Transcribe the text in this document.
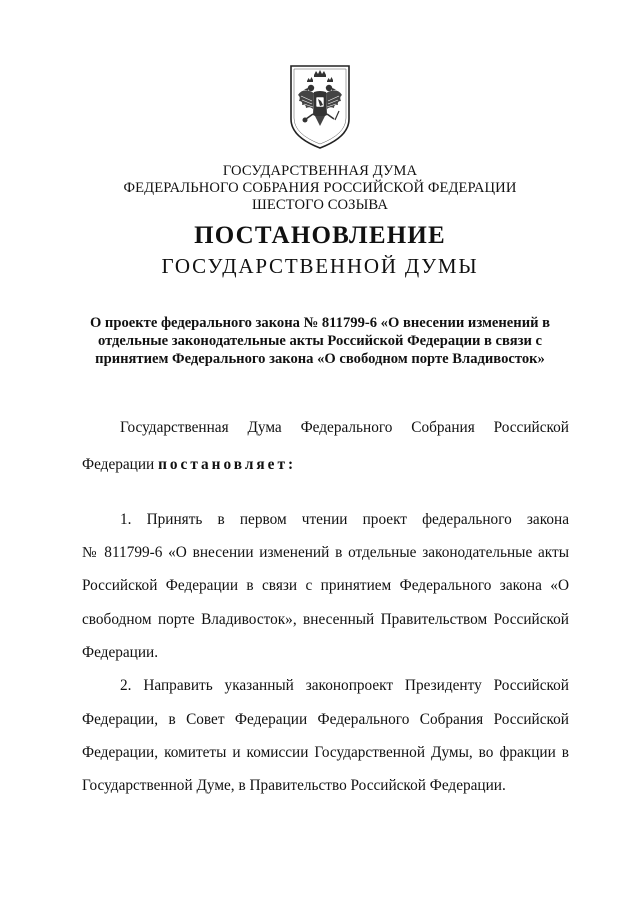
ГОСУДАРСТВЕННАЯ ДУМА
ФЕДЕРАЛЬНОГО СОБРАНИЯ РОССИЙСКОЙ ФЕДЕРАЦИИ
ШЕСТОГО СОЗЫВА
ПОСТАНОВЛЕНИЕ
ГОСУДАРСТВЕННОЙ ДУМЫ
О проекте федерального закона № 811799-6 «О внесении изменений в
отдельные законодательные акты Российской Федерации в связи с
принятием Федерального закона «О свободном порте Владивосток»
Государственная Дума Федерального Собрания Российской
Федерации постановляет:
1. Принять в первом чтении проект федерального закона
№ 811799-6 «О внесении изменений в отдельные законодательные акты
Российской Федерации в связи с принятием Федерального закона «О
свободном порте Владивосток», внесенный Правительством Российской
Федерации.
2. Направить указанный законопроект Президенту Российской
Федерации, в Совет Федерации Федерального Собрания Российской
Федерации, комитеты и комиссии Государственной Думы, во фракции в
Государственной Думе, в Правительство Российской Федерации.
